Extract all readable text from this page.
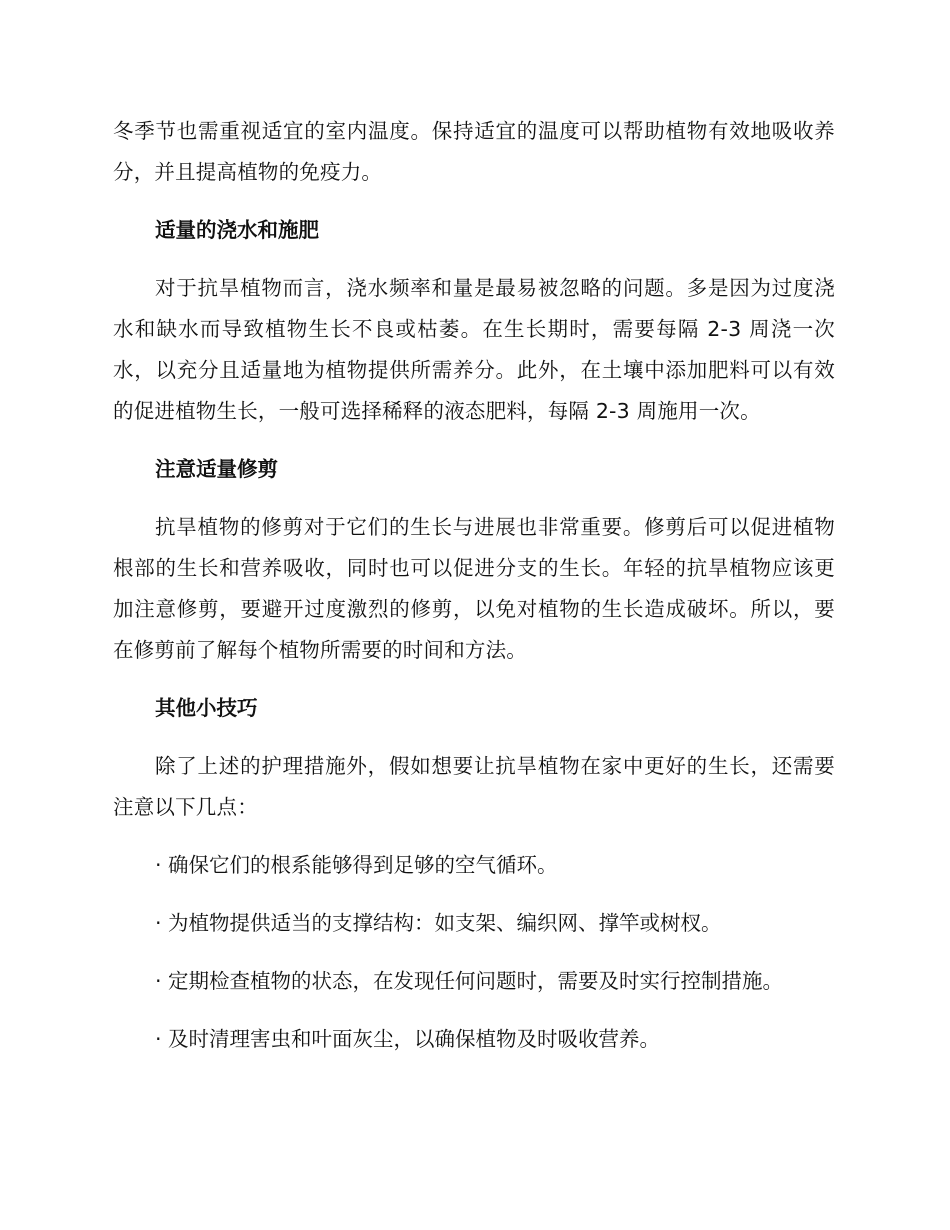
冬季节也需重视适宜的室内温度。保持适宜的温度可以帮助植物有效地吸收养分，并且提高植物的免疫力。

适量的浇水和施肥

对于抗旱植物而言，浇水频率和量是最易被忽略的问题。多是因为过度浇水和缺水而导致植物生长不良或枯萎。在生长期时，需要每隔 2-3 周浇一次水，以充分且适量地为植物提供所需养分。此外，在土壤中添加肥料可以有效的促进植物生长，一般可选择稀释的液态肥料，每隔 2-3 周施用一次。

注意适量修剪

抗旱植物的修剪对于它们的生长与进展也非常重要。修剪后可以促进植物根部的生长和营养吸收，同时也可以促进分支的生长。年轻的抗旱植物应该更加注意修剪，要避开过度激烈的修剪，以免对植物的生长造成破坏。所以，要在修剪前了解每个植物所需要的时间和方法。

其他小技巧

除了上述的护理措施外，假如想要让抗旱植物在家中更好的生长，还需要注意以下几点：

· 确保它们的根系能够得到足够的空气循环。
· 为植物提供适当的支撑结构：如支架、编织网、撑竿或树杈。
· 定期检查植物的状态，在发现任何问题时，需要及时实行控制措施。
· 及时清理害虫和叶面灰尘，以确保植物及时吸收营养。
